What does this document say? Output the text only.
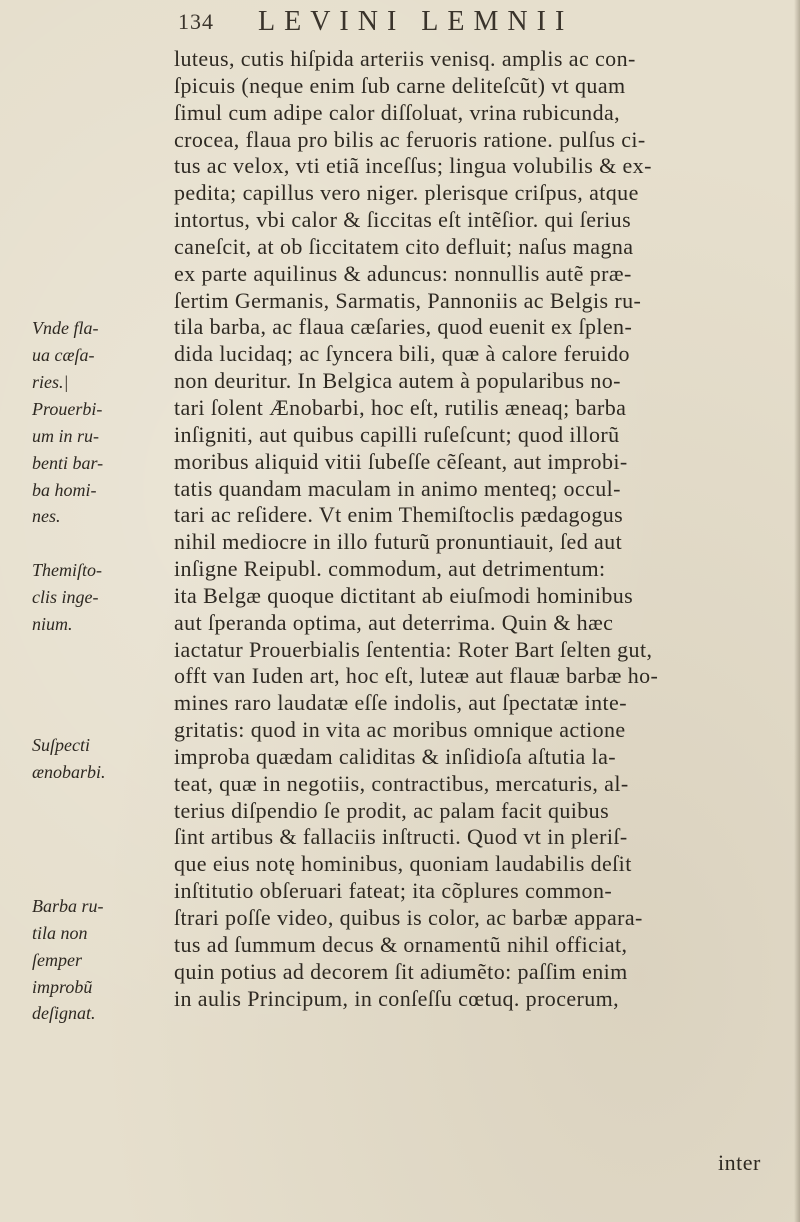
134	LEVINI LEMNII
luteus, cutis hiſpida arteriis venisq. amplis ac con-
ſpicuis (neque enim ſub carne deliteſcũt) vt quam
ſimul cum adipe calor diſſoluat, vrina rubicunda,
crocea, flaua pro bilis ac feruoris ratione. pulſus ci-
tus ac velox, vti etiã inceſſus; lingua volubilis & ex-
pedita; capillus vero niger. plerisque criſpus, atque
intortus, vbi calor & ſiccitas eſt intẽſior. qui ſerius
caneſcit, at ob ſiccitatem cito defluit; naſus magna
ex parte aquilinus & aduncus: nonnullis autẽ præ-
ſertim Germanis, Sarmatis, Pannoniis ac Belgis ru-
tila barba, ac flaua cæſaries, quod euenit ex ſplen-
dida lucidaq; ac ſyncera bili, quæ à calore feruido
non deuritur. In Belgica autem à popularibus no-
tari ſolent Ænobarbi, hoc eſt, rutilis æneaq; barba
inſigniti, aut quibus capilli ruſeſcunt; quod illorũ
moribus aliquid vitii ſubeſſe cẽſeant, aut improbi-
tatis quandam maculam in animo menteq; occul-
tari ac reſidere. Vt enim Themiſtoclis pædagogus
nihil mediocre in illo futurũ pronuntiauit, ſed aut
inſigne Reipubl. commodum, aut detrimentum:
ita Belgæ quoque dictitant ab eiuſmodi hominibus
aut ſperanda optima, aut deterrima. Quin & hæc
iactatur Prouerbialis ſententia: Roter Bart ſelten gut,
offt van Iuden art, hoc eſt, luteæ aut flauæ barbæ ho-
mines raro laudatæ eſſe indolis, aut ſpectatæ inte-
gritatis: quod in vita ac moribus omnique actione
improba quædam caliditas & inſidioſa aſtutia la-
teat, quæ in negotiis, contractibus, mercaturis, al-
terius diſpendio ſe prodit, ac palam facit quibus
ſint artibus & fallaciis inſtructi. Quod vt in pleriſ-
que eius notę hominibus, quoniam laudabilis deſit
inſtitutio obſeruari fateat; ita cõplures common-
ſtrari poſſe video, quibus is color, ac barbæ appara-
tus ad ſummum decus & ornamentũ nihil officiat,
quin potius ad decorem ſit adiumẽto: paſſim enim
in aulis Principum, in conſeſſu cœtuq. procerum,
inter
Vnde fla-
ua cæſa-
ries.|
Prouerbi-
um in ru-
benti bar-
ba homi-
nes.
Themiſto-
clis inge-
nium.
Suſpecti
ænobarbi.
Barba ru-
tila non
ſemper
improbũ
deſignat.
